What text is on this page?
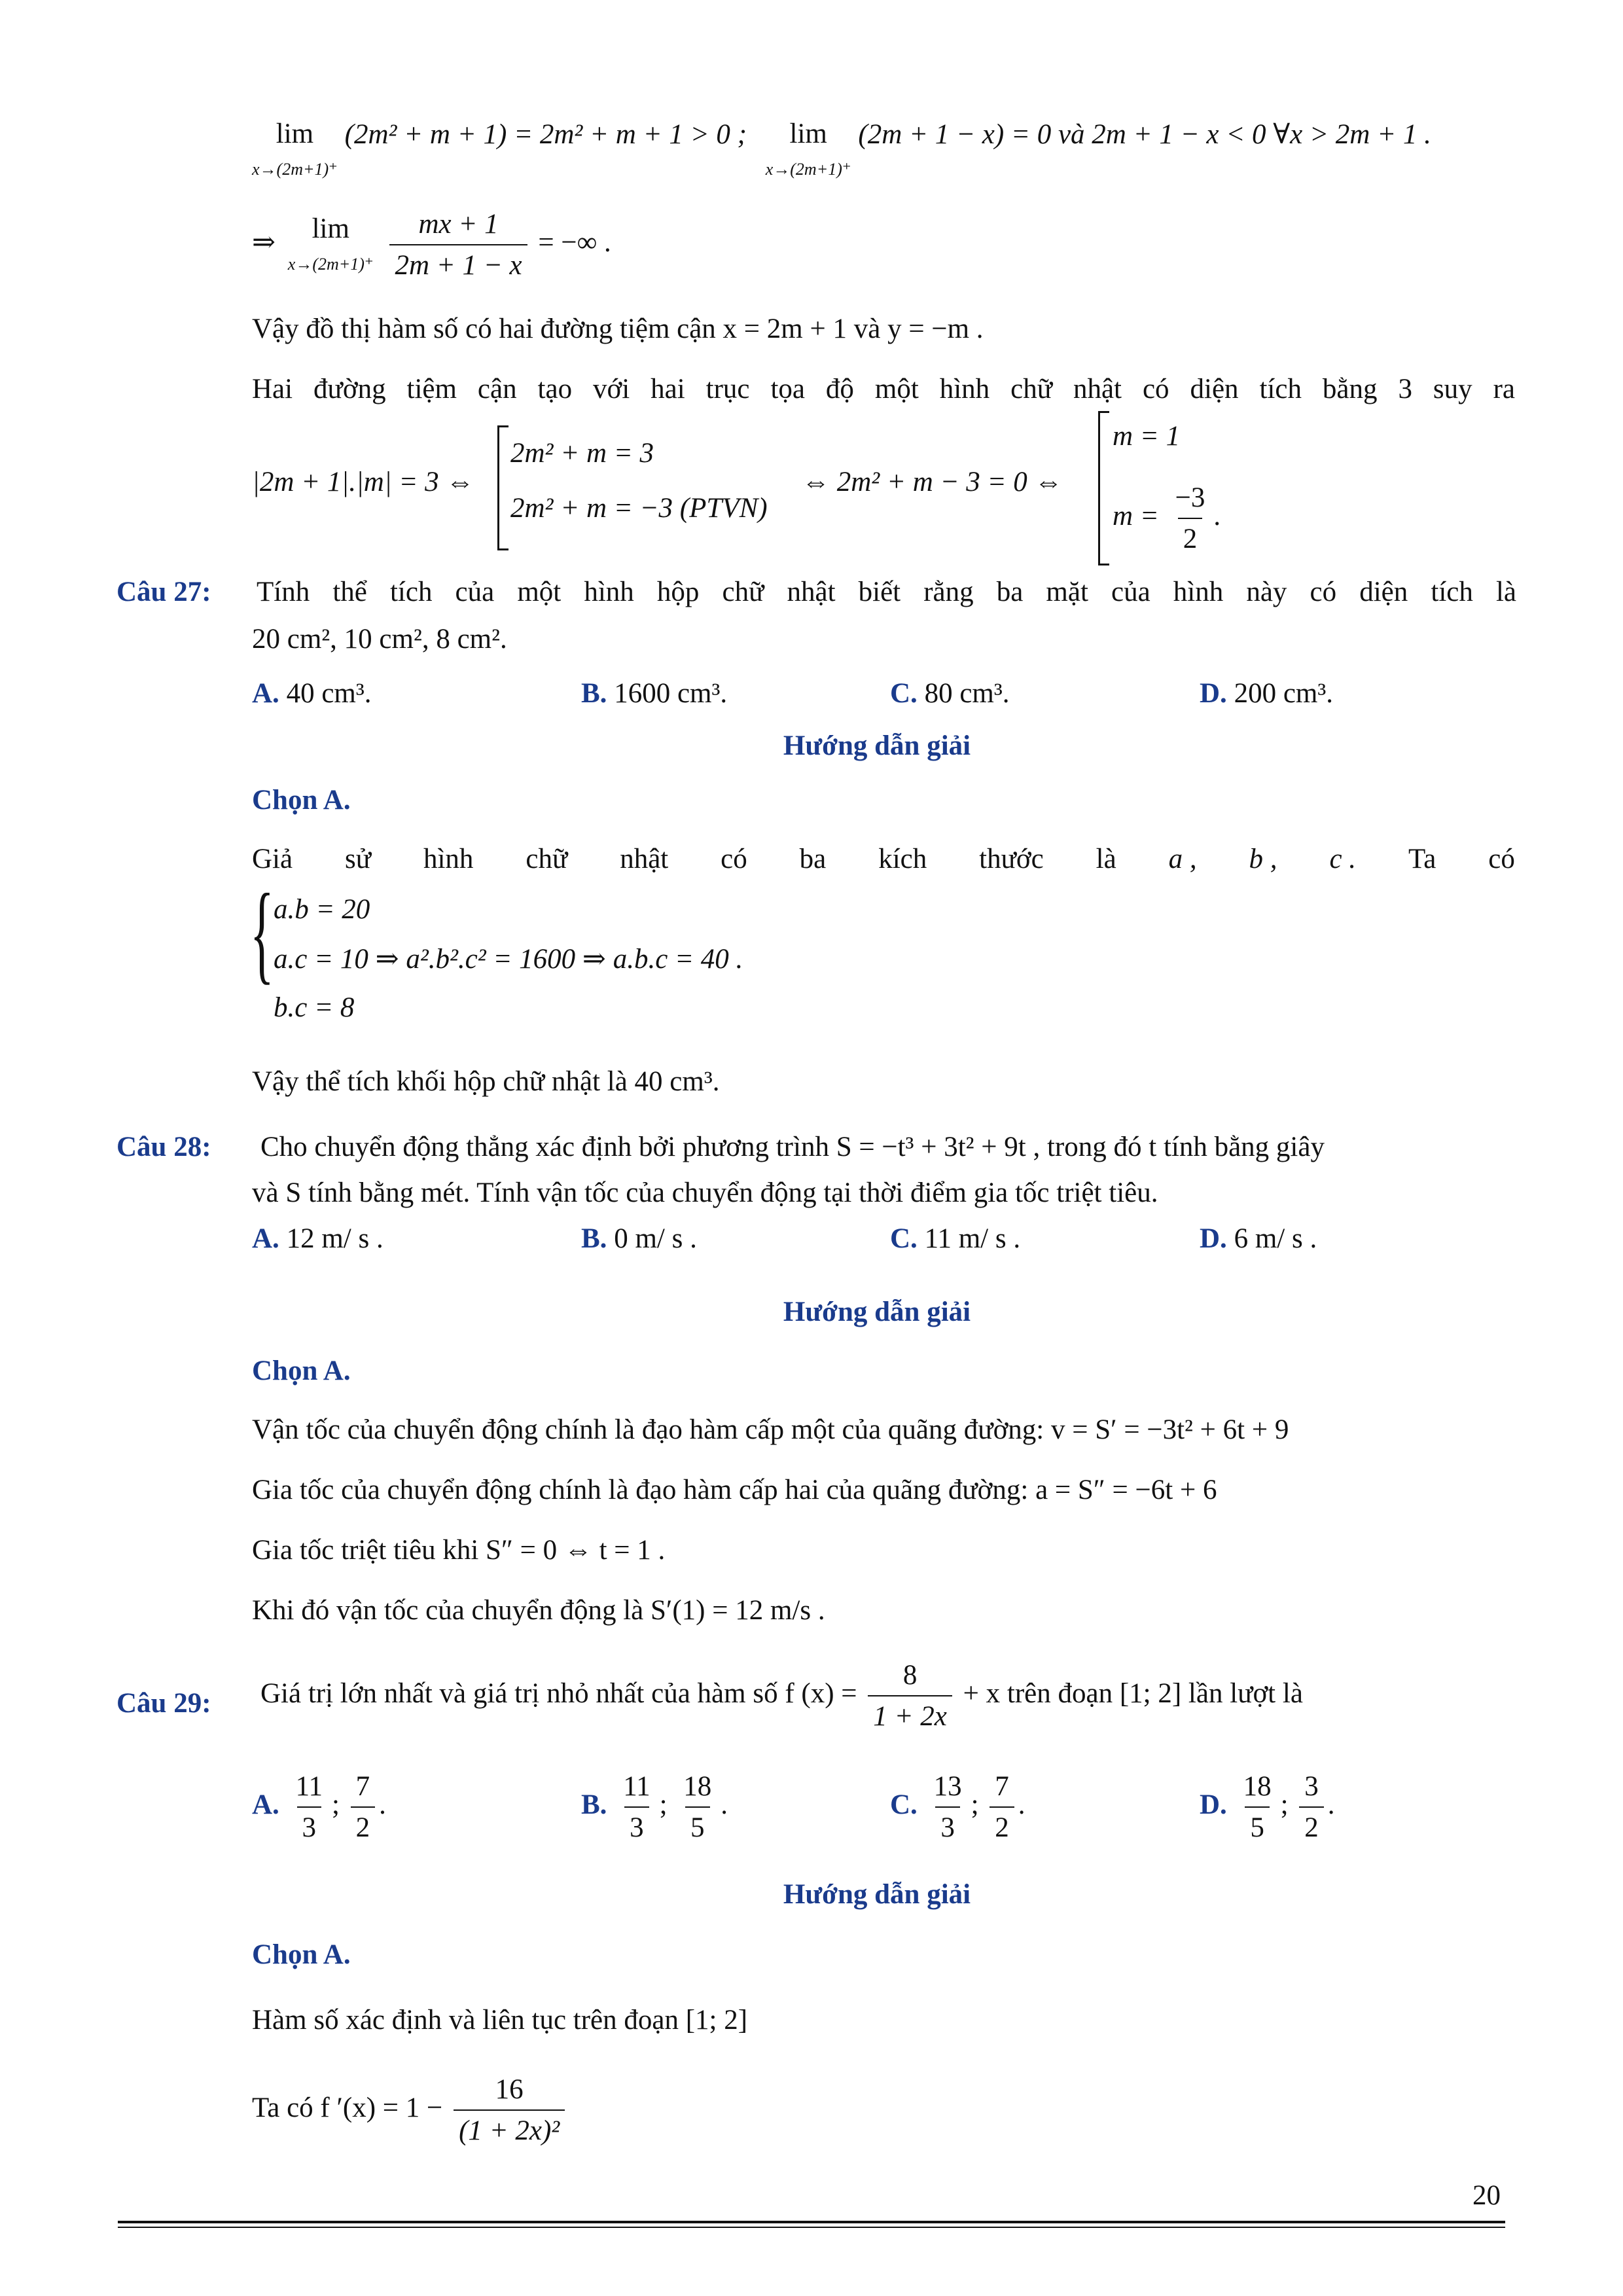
lim
x→(2m+1)⁺ (2m² + m + 1) = 2m² + m + 1 > 0 ; lim
x→(2m+1)⁺ (2m + 1 − x) = 0 và 2m + 1 − x < 0 ∀x > 2m + 1 .
⇒ lim
$x\to(2m+1)^+ \frac{mx + 1}{2m + 1 - x}$ = −∞ .
Vậy đồ thị hàm số có hai đường tiệm cận x = 2m + 1 và y = −m .
Hai đường tiệm cận tạo với hai trục tọa độ một hình chữ nhật có diện tích bằng 3 suy ra
|2m + 1|.|m| = 3 ⇔
2m² + m = 3
2m² + m = −3 (PTVN)
⇔ 2m² + m − 3 = 0 ⇔
m = 1
$m = \frac{-3}{2}$ .
Câu 27: Tính thể tích của một hình hộp chữ nhật biết rằng ba mặt của hình này có diện tích là
20 cm², 10 cm², 8 cm².
A. 40 cm³.	B. 1600 cm³.	C. 80 cm³.	D. 200 cm³.
Hướng dẫn giải
Chọn A.
Giả sử hình chữ nhật có ba kích thước là a , b , c . Ta có
{ a.b = 20
a.c = 10 ⇒ a².b².c² = 1600 ⇒ a.b.c = 40 .
b.c = 8
Vậy thể tích khối hộp chữ nhật là 40 cm³.
Câu 28: Cho chuyển động thẳng xác định bởi phương trình S = −t³ + 3t² + 9t , trong đó t tính bằng giây
và S tính bằng mét. Tính vận tốc của chuyển động tại thời điểm gia tốc triệt tiêu.
A. 12 m/ s .	B. 0 m/ s .	C. 11 m/ s .	D. 6 m/ s .
Hướng dẫn giải
Chọn A.
Vận tốc của chuyển động chính là đạo hàm cấp một của quãng đường: v = S′ = −3t² + 6t + 9
Gia tốc của chuyển động chính là đạo hàm cấp hai của quãng đường: a = S″ = −6t + 6
Gia tốc triệt tiêu khi S″ = 0 ⇔ t = 1 .
Khi đó vận tốc của chuyển động là S′(1) = 12 m/s .
Câu 29: Giá trị lớn nhất và giá trị nhỏ nhất của hàm số f $(x) = \frac{8}{1 + 2x} + x$ trên đoạn [1; 2] lần lượt là
A. $\frac{11}{3}$ ; $\frac{7}{2}$ .	B. $\frac{11}{3}$ ; $\frac{18}{5}$ .	C. $\frac{13}{3}$ ; $\frac{7}{2}$ .	D. $\frac{18}{5}$ ; $\frac{3}{2}$ .
Hướng dẫn giải
Chọn A.
Hàm số xác định và liên tục trên đoạn [1; 2]
Ta có f $'(x) = 1 - \frac{16}{\text{(1 + 2x)²}}$
20
